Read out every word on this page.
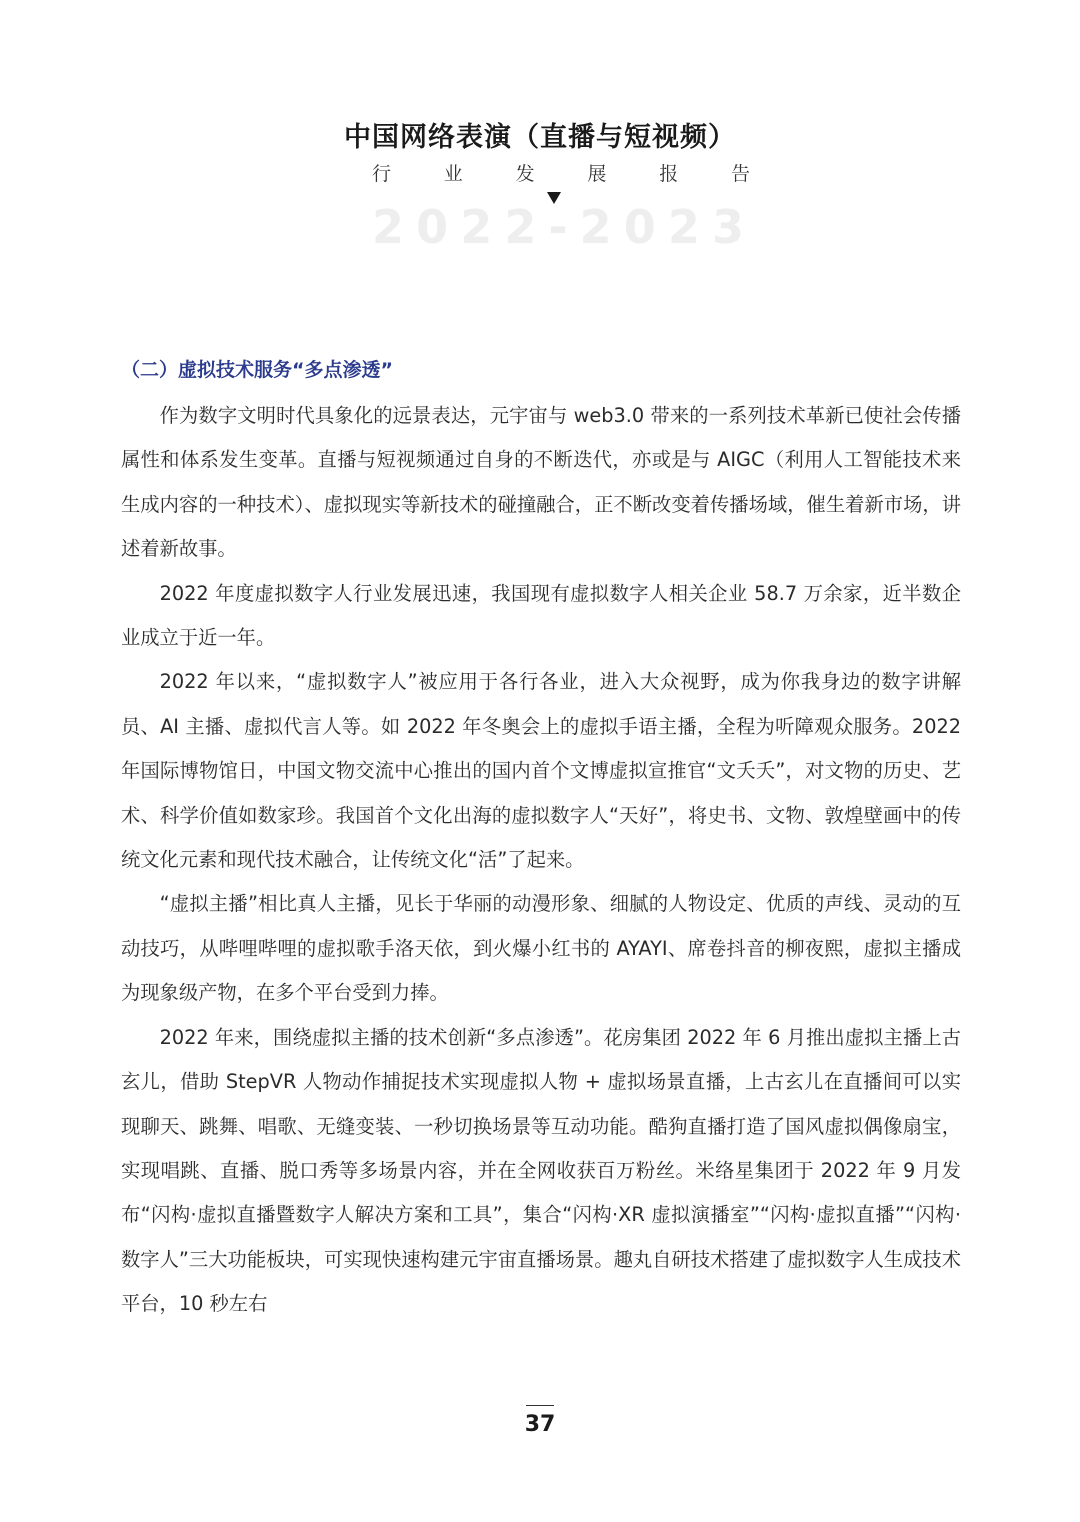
中国网络表演（直播与短视频）
行	业	发	展	报	告
2 0 2 2 - 2 0 2 3
（二）虚拟技术服务“多点渗透”

作为数字文明时代具象化的远景表达，元宇宙与 web3.0 带来的一系列技术革新已使社会传播属性和体系发生变革。直播与短视频通过自身的不断迭代，亦或是与 AIGC（利用人工智能技术来生成内容的一种技术）、虚拟现实等新技术的碰撞融合，正不断改变着传播场域，催生着新市场，讲述着新故事。

2022 年度虚拟数字人行业发展迅速，我国现有虚拟数字人相关企业 58.7 万余家，近半数企业成立于近一年。

2022 年以来，“虚拟数字人”被应用于各行各业，进入大众视野，成为你我身边的数字讲解员、AI 主播、虚拟代言人等。如 2022 年冬奥会上的虚拟手语主播，全程为听障观众服务。2022 年国际博物馆日，中国文物交流中心推出的国内首个文博虚拟宣推官“文夭夭”，对文物的历史、艺术、科学价值如数家珍。我国首个文化出海的虚拟数字人“天好”，将史书、文物、敦煌壁画中的传统文化元素和现代技术融合，让传统文化“活”了起来。

“虚拟主播”相比真人主播，见长于华丽的动漫形象、细腻的人物设定、优质的声线、灵动的互动技巧，从哔哩哔哩的虚拟歌手洛天依，到火爆小红书的 AYAYI、席卷抖音的柳夜熙，虚拟主播成为现象级产物，在多个平台受到力捧。

2022 年来，围绕虚拟主播的技术创新“多点渗透”。花房集团 2022 年 6 月推出虚拟主播上古玄儿，借助 StepVR 人物动作捕捉技术实现虚拟人物 + 虚拟场景直播，上古玄儿在直播间可以实现聊天、跳舞、唱歌、无缝变装、一秒切换场景等互动功能。酷狗直播打造了国风虚拟偶像扇宝，实现唱跳、直播、脱口秀等多场景内容，并在全网收获百万粉丝。米络星集团于 2022 年 9 月发布“闪构·虚拟直播暨数字人解决方案和工具”，集合“闪构·XR 虚拟演播室”“闪构·虚拟直播”“闪构·数字人”三大功能板块，可实现快速构建元宇宙直播场景。趣丸自研技术搭建了虚拟数字人生成技术平台，10 秒左右

37
